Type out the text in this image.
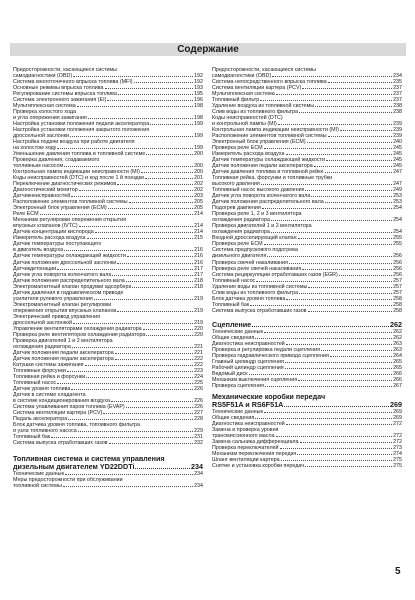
Содержание
Предосторожности, касающиеся системы
самодиагностики (OBD)	192
Система многоточечного впрыска топлива (MFI)	192
Основные режимы впрыска топлива	193
Регулирование системы впрыска топлива	195
Система электронного зажигания (EI)	196
Мультиплексная система	198
Проверка холостого хода
и угла опережения зажигания	198
Настройка установки положения педали акселератора	199
Настройка установки положения закрытого положения
дроссельной заслонки	199
Настройка подачи воздуха при работе двигателя
на холостом ходу	199
Уменьшение давления топлива в топливной системе	200
Проверка давления, создаваемого
топливным насосом	200
Контрольная лампа индикации неисправности (MI)	200
Коды неисправностей (DTC) и код после 1 й поездки	201
Переключение диагностических режимов	202
Диагностический монитор	202
Датчикнеисправностей	203
Расположение элементов топливной системы	205
Электронный блок управления (ECM)	205
Реле ECM	214
Механизм регулировки опережения открытия
впускных клапанов (IVTC)	214
Датчик концентрации кислорода	214
Измеритель расхода воздуха	215
Датчик температуры поступающего
в двигатель воздуха	216
Датчик температуры охлаждающей жидкости	216
Датчик положения дроссельной заслонки	216
Датчикдетонации	217
Датчик угла поворота коленчатого вала	217
Датчик положения распределительного вала	218
Электромагнитный клапан продувки адсорбера	218
Датчик давления в гидравлическом приводе
усилителя рулевого управления	219
Электромагнитный клапан регулировки
опережения открытия впускных клапанов	219
Электрический привод управления
дроссельной заслонкой	219
Управление вентиляторами охлаждения радиатора	220
Проверка реле вентиляторов охлаждения радиатора	220
Проверка двигателей 1 и 2 вентилятора
охлаждения радиатора	221
Датчик положения педали акселератора	221
Датчик положения педали акселератора	222
Катушки системы зажигания	222
Топливные форсунки	223
Топливная рейка и форсунки	224
Топливный насос	225
Датчик уровня топлива	226
Датчик в системе хладагента
в системе кондиционирования воздуха	226
Система улавливания паров топлива (EVAP)	226
Система вентиляции картера (PCV)	227
Педаль акселератора	228
Блок датчика уровня топлива, топливного фильтра
и узла топливного насоса	229
Топливный бак	231
Система выпуска отработавших газов	232
Топливная система и система управления
дизельным двигателем YD22DDTi	234
Технические данные	234
Меры предосторожности при обслуживании
топливной системы	234
Предосторожности, касающиеся системы
самодиагностики (OBD)	234
Система непосредственного впрыска топлива	235
Система вентиляции картера (PCV)	237
Мультиплексная система	237
Топливный фильтр	237
Удаление воздуха из топливной системы	238
Слив воды из топливного фильтра	238
Коды неисправностей (DTC)
и контрольной лампы (MI)	239
Контрольная лампа индикации неисправности (MI)	239
Расположение элементов топливной системы	239
Электронный блок управления (ECM)	240
Проверка реле ECM	245
Измеритель расхода воздуха	245
Датчик температуры охлаждающей жидкости	245
Датчик положения педали акселератора	245
Датчик давления топлива в топливной рейке	247
Топливная рейка, форсунки и топливные трубки
высокого давления	247
Топливный насос высокого давления	249
Датчик угла поворота коленчатого вала	253
Датчик положения распределительного вала	253
Подогрев давления	254
Проверка реле 1, 2 и 3 вентилятора
охлаждения радиатора	254
Проверка двигателей 1 и 2 вентилятора
охлаждения радиатора	254
Входной дросселирующий клапан	255
Проверка реле ECM	255
Система предпускового подогрева
дизельного двигателя	256
Проверка свечей накаливания	256
Проверка реле свечей накаливания	256
Система рециркуляции отработавших газов (EGR)	256
Топливный насос	257
Удаление воды из топливной системы	257
Слив воды из топливного фильтра	257
Блок датчика уровня топлива	258
Топливный бак	258
Система выпуска отработавших газов	258
Сцепление	262
Технические данные	262
Общие сведения	262
Диагностика неисправностей	263
Проверка и регулировка педали сцепления	263
Проверка гидравлического привода сцепления	264
Главный цилиндр сцепления	265
Рабочий цилиндр сцепления	265
Ведомый диск	266
Механизм выключения сцепления	266
Проверка сцепления	267
Механические коробки передач
RS5F51A и RS6F51A	269
Технические данные	269
Общие сведения	269
Диагностика неисправностей	272
Замена и проверка уровня
трансмиссионного масла	272
Замена сальника дифференциала	272
Проверка переключателей	273
Механизм переключения передач	274
Шланг вентиляции картера	275
Снятие и установка коробки передач	275
5
